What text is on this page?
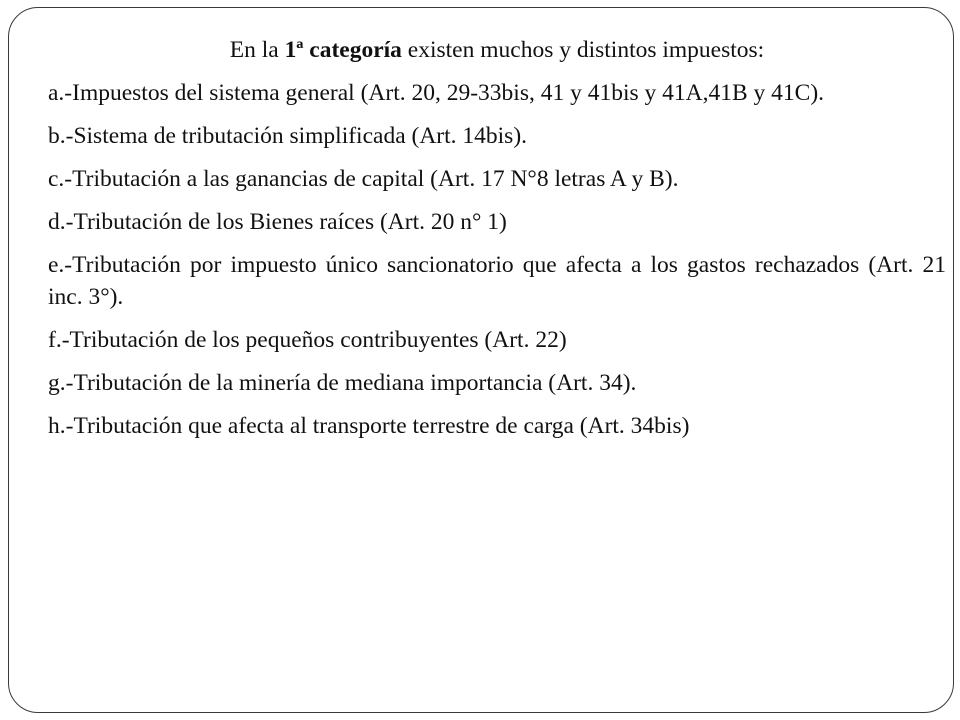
En la 1ª categoría existen muchos y distintos impuestos:

a.-Impuestos del sistema general (Art. 20, 29-33bis, 41 y 41bis y 41A,41B y 41C).

b.-Sistema de tributación simplificada (Art. 14bis).

c.-Tributación a las ganancias de capital (Art. 17 N°8 letras A y B).

d.-Tributación de los Bienes raíces (Art. 20 n° 1)

e.-Tributación por impuesto único sancionatorio que afecta a los gastos rechazados (Art. 21 inc. 3°).

f.-Tributación de los pequeños contribuyentes (Art. 22)

g.-Tributación de la minería de mediana importancia (Art. 34).

h.-Tributación que afecta al transporte terrestre de carga (Art. 34bis)
